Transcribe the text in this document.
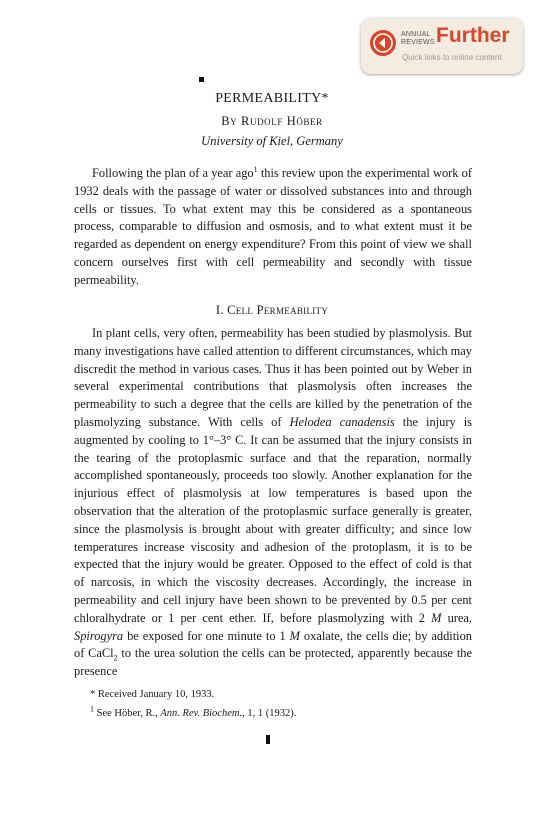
ANNUAL
REVIEWS Further
Quick links to online content
PERMEABILITY*
By Rudolf Höber
University of Kiel, Germany

Following the plan of a year ago$^1$ this review upon the experimental work of 1932 deals with the passage of water or dissolved substances into and through cells or tissues. To what extent may this be considered as a spontaneous process, comparable to diffusion and osmosis, and to what extent must it be regarded as dependent on energy expenditure? From this point of view we shall concern ourselves first with cell permeability and secondly with tissue permeability.

I. Cell Permeability

In plant cells, very often, permeability has been studied by plasmolysis. But many investigations have called attention to different circumstances, which may discredit the method in various cases. Thus it has been pointed out by Weber in several experimental contributions that plasmolysis often increases the permeability to such a degree that the cells are killed by the penetration of the plasmolyzing substance. With cells of Helodea canadensis the injury is augmented by cooling to 1°–3° C. It can be assumed that the injury consists in the tearing of the protoplasmic surface and that the reparation, normally accomplished spontaneously, proceeds too slowly. Another explanation for the injurious effect of plasmolysis at low temperatures is based upon the observation that the alteration of the protoplasmic surface generally is greater, since the plasmolysis is brought about with greater difficulty; and since low temperatures increase viscosity and adhesion of the protoplasm, it is to be expected that the injury would be greater. Opposed to the effect of cold is that of narcosis, in which the viscosity decreases. Accordingly, the increase in permeability and cell injury have been shown to be prevented by 0.5 per cent chloralhydrate or 1 per cent ether. If, before plasmolyzing with 2 M urea, Spirogyra be exposed for one minute to 1 M oxalate, the cells die; by addition of CaCl$_2$ to the urea solution the cells can be protected, apparently because the presence

* Received January 10, 1933.
$^1$ See Höber, R., Ann. Rev. Biochem., 1, 1 (1932).
